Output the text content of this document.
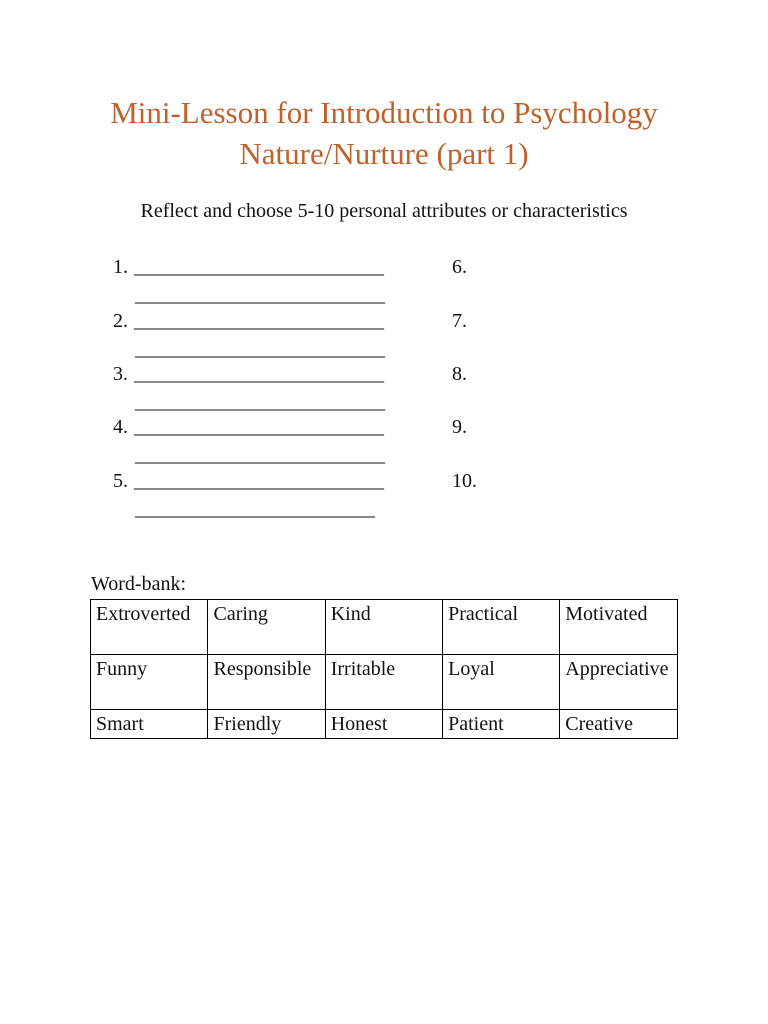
Mini-Lesson for Introduction to Psychology
Nature/Nurture (part 1)
Reflect and choose 5-10 personal attributes or characteristics
1. _________________________
_________________________
2. _________________________
_________________________
3. _________________________
_________________________
4. _________________________
_________________________
5. _________________________
________________________
6.
7.
8.
9.
10.
Word-bank:
Extroverted	Caring	Kind	Practical	Motivated
Funny	Responsible	Irritable	Loyal	Appreciative
Smart	Friendly	Honest	Patient	Creative
